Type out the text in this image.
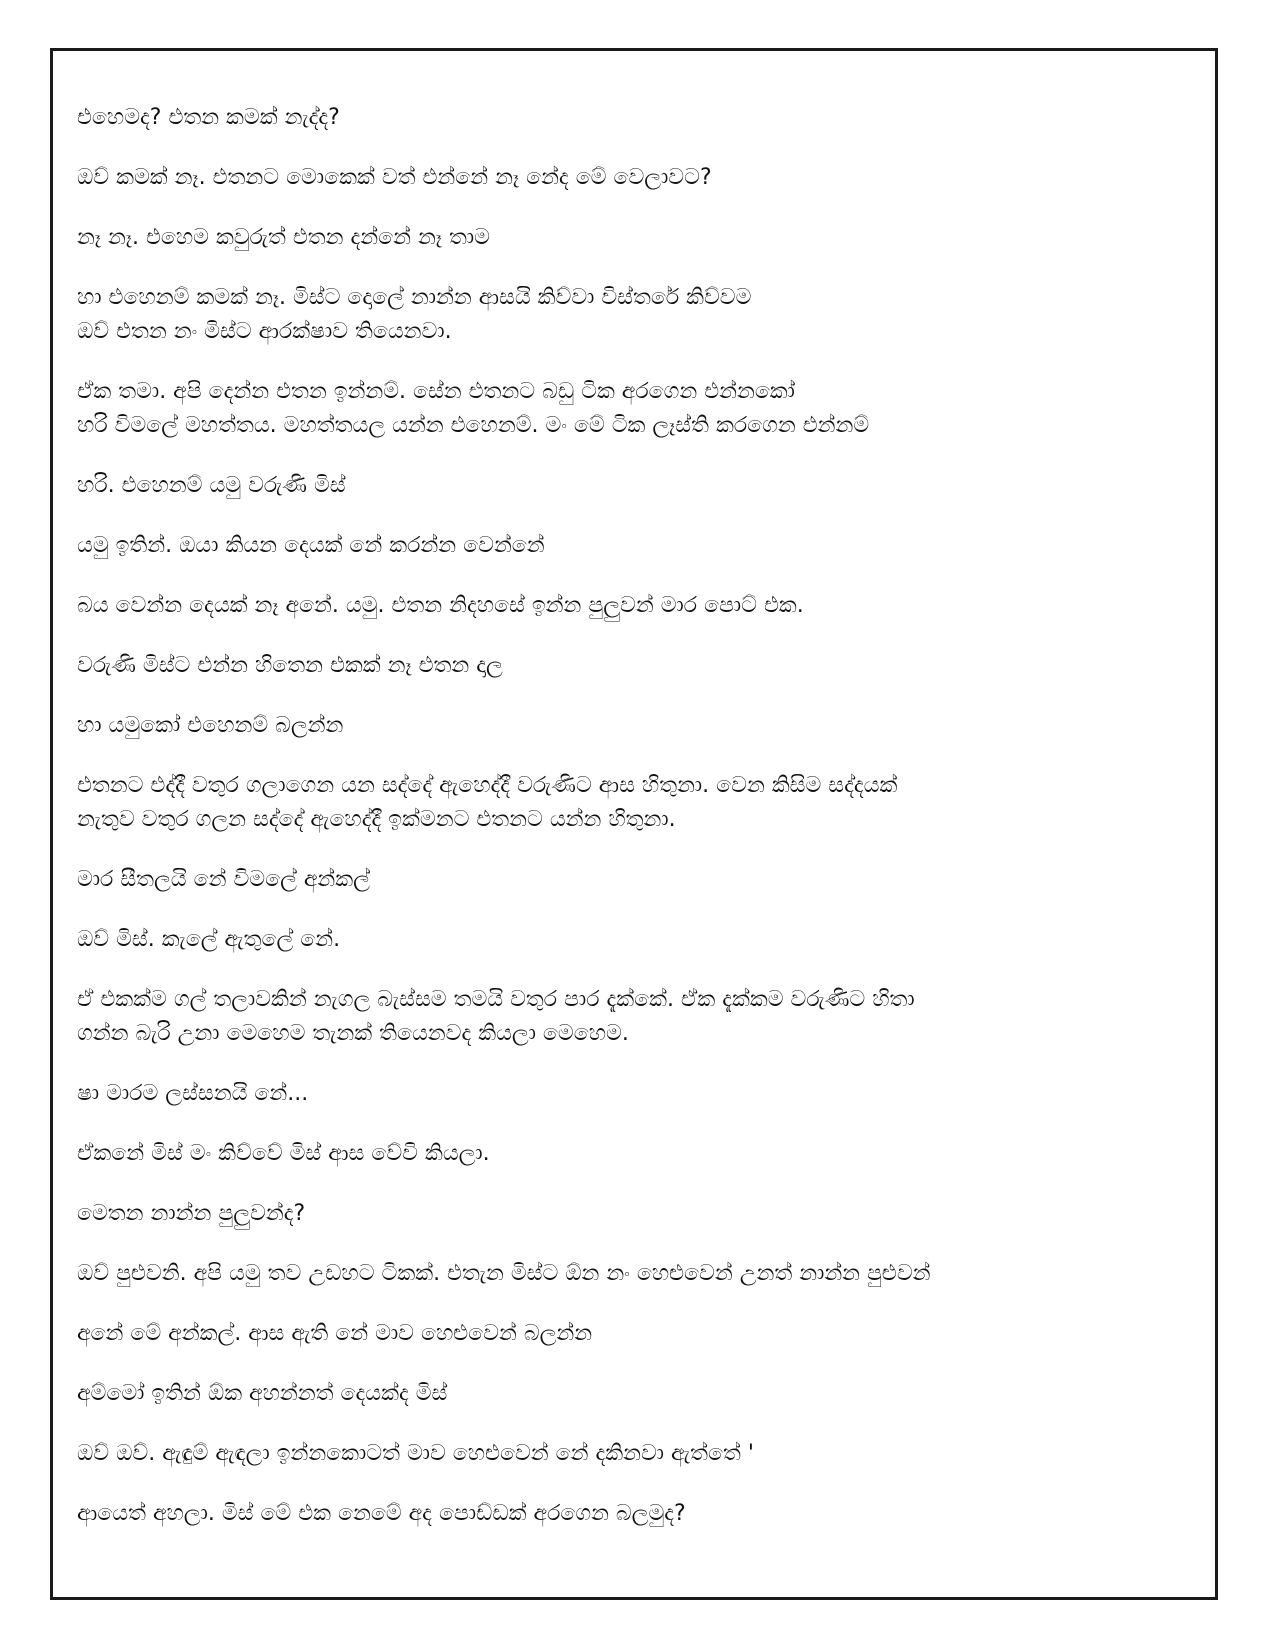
එහෙමද? එතන කමක් නැද්ද?

ඔව් කමක් නෑ. එතනට මොකෙක් වත් එන්නේ නෑ නේද මේ වෙලාවට?

නෑ නෑ. එහෙම කවුරුත් එතන දන්නේ නෑ තාම

හා එහෙනම් කමක් නෑ. මිස්ට දොලේ නාන්න ආසයි කිව්වා විස්තරේ කිව්වම
ඔව් එතන නං මිස්ට ආරක්ෂාව තියෙනවා.

ඒක තමා. අපි දෙන්න එතන ඉන්නම්. සේන එතනට බඩු ටික අරගෙන එන්නකෝ
හරි විමලේ මහත්තය. මහත්තයල යන්න එහෙනම්. මං මේ ටික ලෑස්ති කරගෙන එන්නම්

හරි. එහෙනම් යමු වරුණි මිස්

යමු ඉතින්. ඔයා කියන දෙයක් නේ කරන්න වෙන්නේ

බය වෙන්න දෙයක් නෑ අනේ. යමු. එතන නිදහසේ ඉන්න පුලුවන් මාර පොට් එක.

වරුණි මිස්ට එන්න හිතෙන එකක් නෑ එතන දාල

හා යමුකෝ එහෙනම් බලන්න

එතනට එද්දී වතුර ගලාගෙන යන සද්දේ ඇහෙද්දී වරුණිට ආස හිතුනා. වෙන කිසිම සද්දයක්
නැතුව වතුර ගලන සද්දේ ඇහෙද්දී ඉක්මනට එතනට යන්න හිතුනා.

මාර සීතලයි නේ විමලේ අන්කල්

ඔව් මිස්. කැලේ ඇතුලේ නේ.

ඒ එකක්ම ගල් තලාවකින් නැගල බැස්සම තමයි වතුර පාර දැක්කේ. ඒක දැක්කම වරුණිට හිතා
ගන්න බැරි උනා මෙහෙම තැනක් තියෙනවද කියලා මෙහෙම.

ෂා මාරම ලස්සනයි නේ...

ඒකනේ මිස් මං කිව්වේ මිස් ආස වේවි කියලා.

මෙතන නාන්න පුලුවන්ද?

ඔව් පුළුවනි. අපි යමු තව උඩහට ටිකක්. එතැන මිස්ට ඕන නං හෙළුවෙන් උනත් නාන්න පුළුවන්

අනේ මේ අන්කල්. ආස ඇති නේ මාව හෙළුවෙන් බලන්න

අම්මෝ ඉතින් ඕක අහන්නත් දෙයක්ද මිස්

ඔව් ඔව්. ඇඳුම් ඇඳලා ඉන්නකොටත් මාව හෙළුවෙන් නේ දකිනවා ඇත්තේ '

ආයෙත් අහලා. මිස් මේ එක නෙමේ අද පොඩ්ඩක් අරගෙන බලමුද?
